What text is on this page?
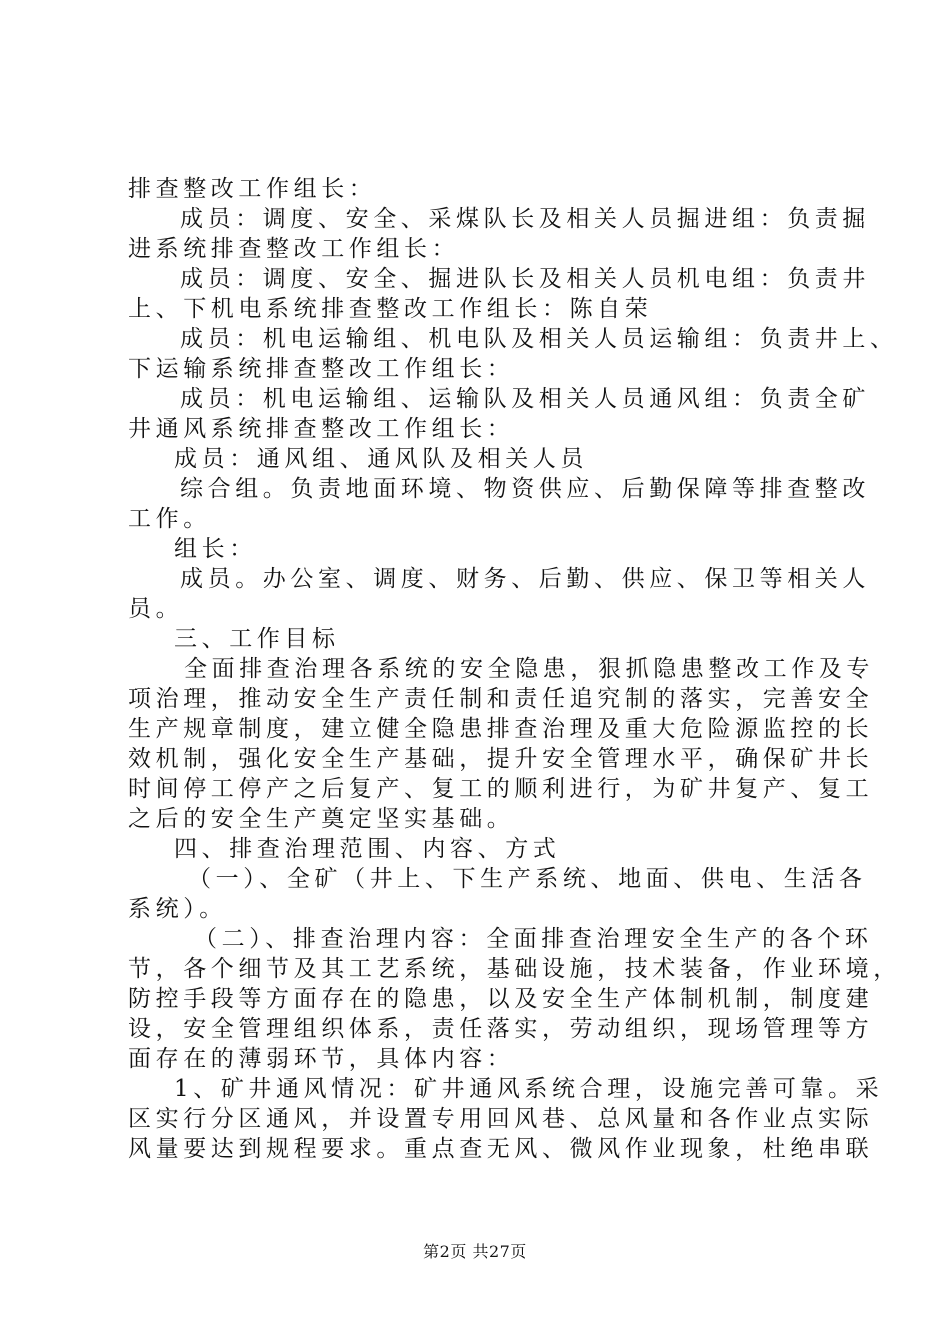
排查整改工作组长：
成员：调度、安全、采煤队长及相关人员掘进组：负责掘
进系统排查整改工作组长：
成员：调度、安全、掘进队长及相关人员机电组：负责井
上、下机电系统排查整改工作组长：陈自荣
成员：机电运输组、机电队及相关人员运输组：负责井上、
下运输系统排查整改工作组长：
成员：机电运输组、运输队及相关人员通风组：负责全矿
井通风系统排查整改工作组长：
成员：通风组、通风队及相关人员
综合组。负责地面环境、物资供应、后勤保障等排查整改
工作。
组长：
成员。办公室、调度、财务、后勤、供应、保卫等相关人
员。
三、工作目标
全面排查治理各系统的安全隐患，狠抓隐患整改工作及专
项治理，推动安全生产责任制和责任追究制的落实，完善安全
生产规章制度，建立健全隐患排查治理及重大危险源监控的长
效机制，强化安全生产基础，提升安全管理水平，确保矿井长
时间停工停产之后复产、复工的顺利进行，为矿井复产、复工
之后的安全生产奠定坚实基础。
四、排查治理范围、内容、方式
（一）、全矿（井上、下生产系统、地面、供电、生活各
系统）。
（二）、排查治理内容：全面排查治理安全生产的各个环
节，各个细节及其工艺系统，基础设施，技术装备，作业环境，
防控手段等方面存在的隐患，以及安全生产体制机制，制度建
设，安全管理组织体系，责任落实，劳动组织，现场管理等方
面存在的薄弱环节，具体内容：
1、矿井通风情况：矿井通风系统合理，设施完善可靠。采
区实行分区通风，并设置专用回风巷、总风量和各作业点实际
风量要达到规程要求。重点查无风、微风作业现象，杜绝串联
第2页 共27页
